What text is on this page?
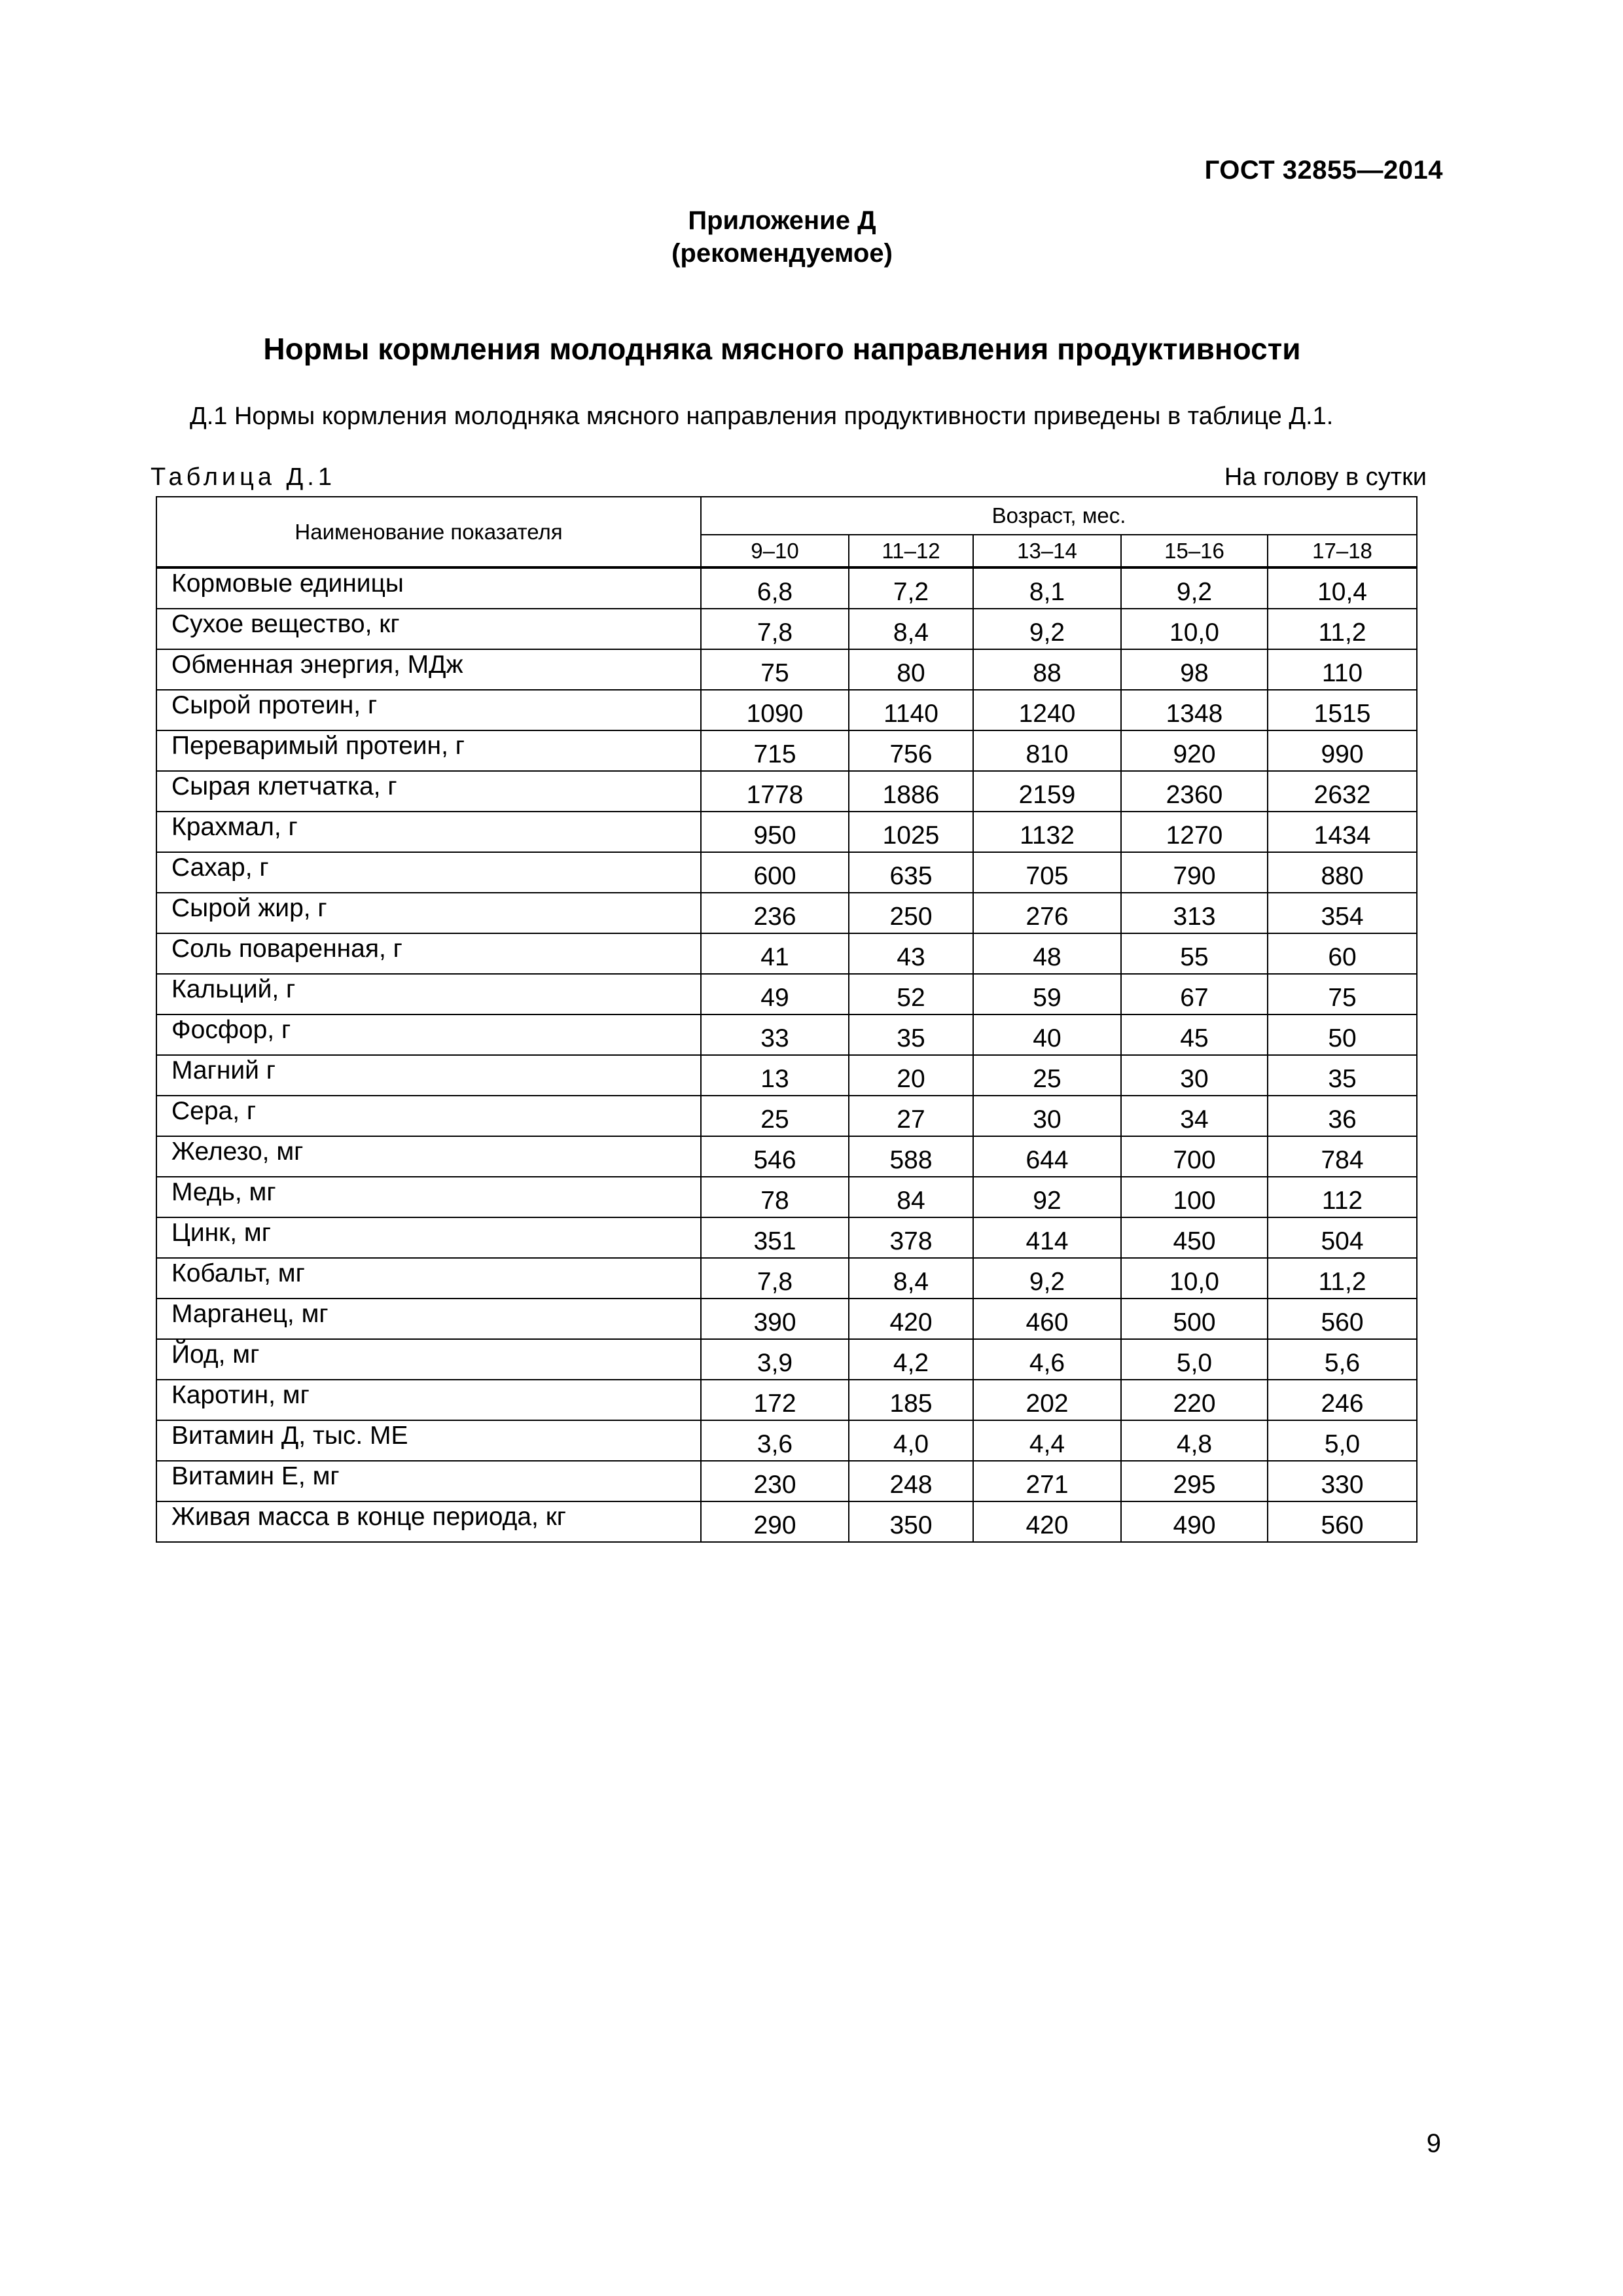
ГОСТ 32855—2014
Приложение Д
(рекомендуемое)
Нормы кормления молодняка мясного направления продуктивности
Д.1 Нормы кормления молодняка мясного направления продуктивности приведены в таблице Д.1.
Таблица Д.1	На голову в сутки
Наименование показателя	Возраст, мес.				
	9–10	11–12	13–14	15–16	17–18
Кормовые единицы	6,8	7,2	8,1	9,2	10,4
Сухое вещество, кг	7,8	8,4	9,2	10,0	11,2
Обменная энергия, МДж	75	80	88	98	110
Сырой протеин, г	1090	1140	1240	1348	1515
Переваримый протеин, г	715	756	810	920	990
Сырая клетчатка, г	1778	1886	2159	2360	2632
Крахмал, г	950	1025	1132	1270	1434
Сахар, г	600	635	705	790	880
Сырой жир, г	236	250	276	313	354
Соль поваренная, г	41	43	48	55	60
Кальций, г	49	52	59	67	75
Фосфор, г	33	35	40	45	50
Магний г	13	20	25	30	35
Сера, г	25	27	30	34	36
Железо, мг	546	588	644	700	784
Медь, мг	78	84	92	100	112
Цинк, мг	351	378	414	450	504
Кобальт, мг	7,8	8,4	9,2	10,0	11,2
Марганец, мг	390	420	460	500	560
Йод, мг	3,9	4,2	4,6	5,0	5,6
Каротин, мг	172	185	202	220	246
Витамин Д, тыс. МЕ	3,6	4,0	4,4	4,8	5,0
Витамин Е, мг	230	248	271	295	330
Живая масса в конце периода, кг	290	350	420	490	560
9
